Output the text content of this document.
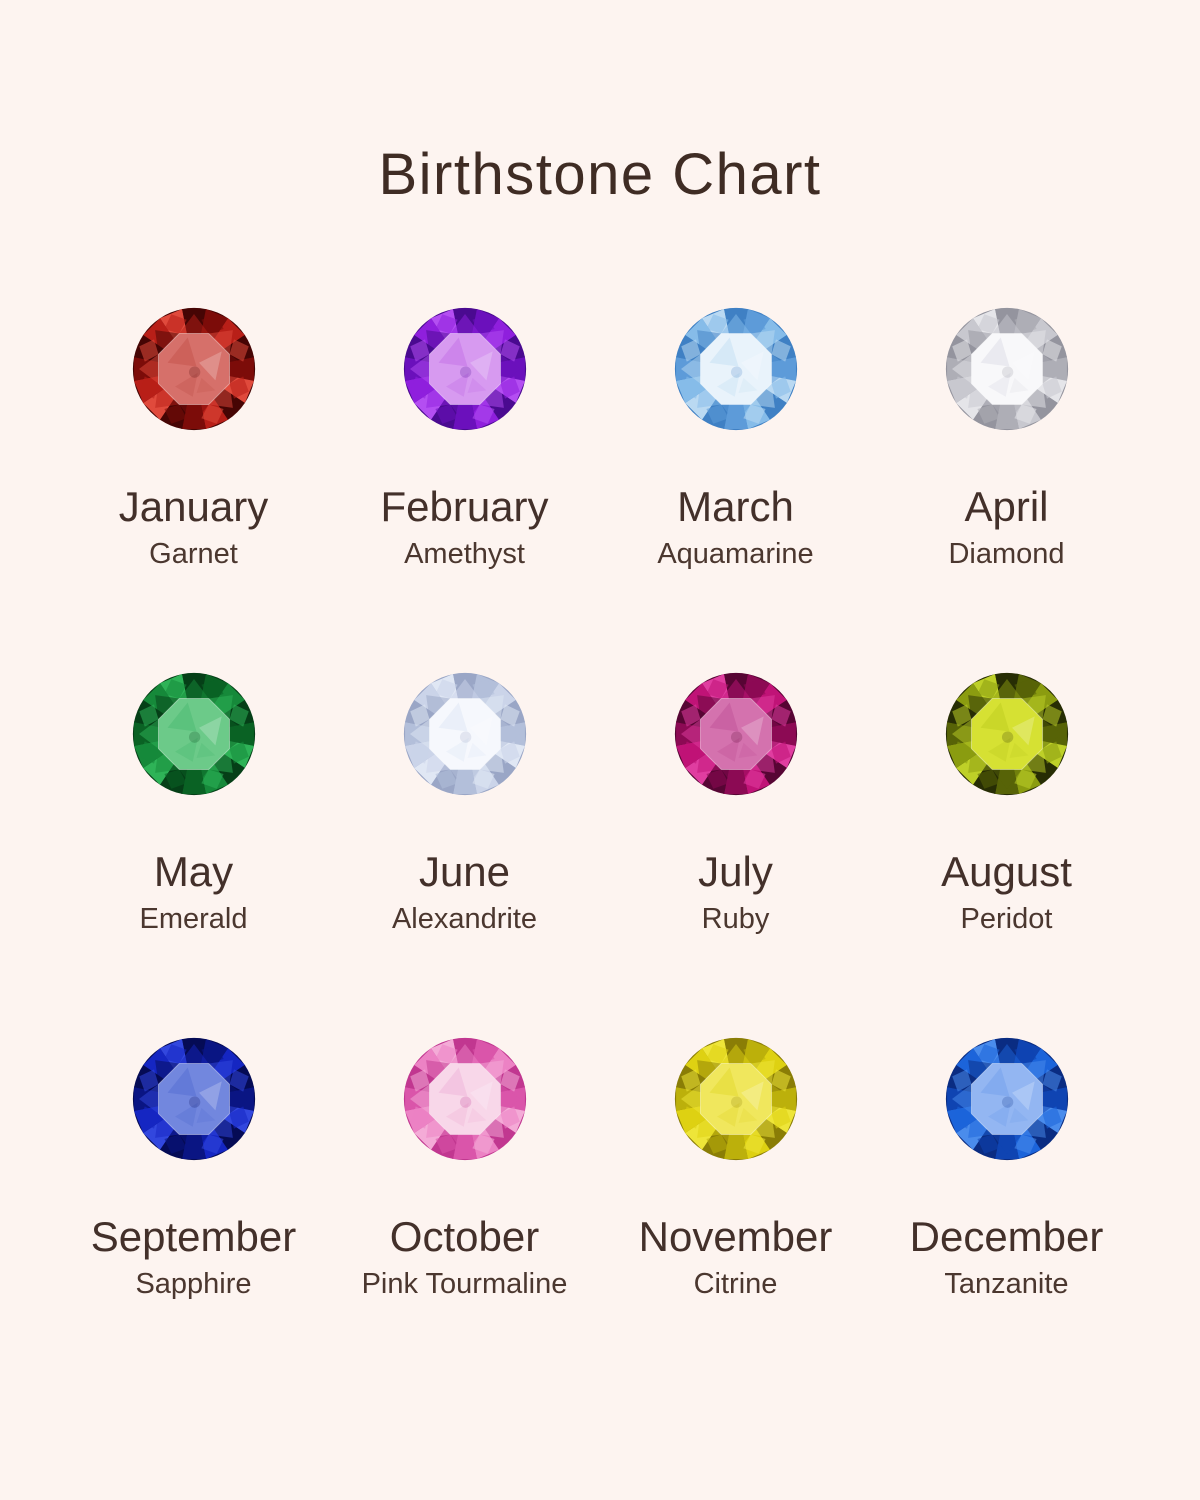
Birthstone Chart
January
Garnet
February
Amethyst
March
Aquamarine
April
Diamond
May
Emerald
June
Alexandrite
July
Ruby
August
Peridot
September
Sapphire
October
Pink Tourmaline
November
Citrine
December
Tanzanite
